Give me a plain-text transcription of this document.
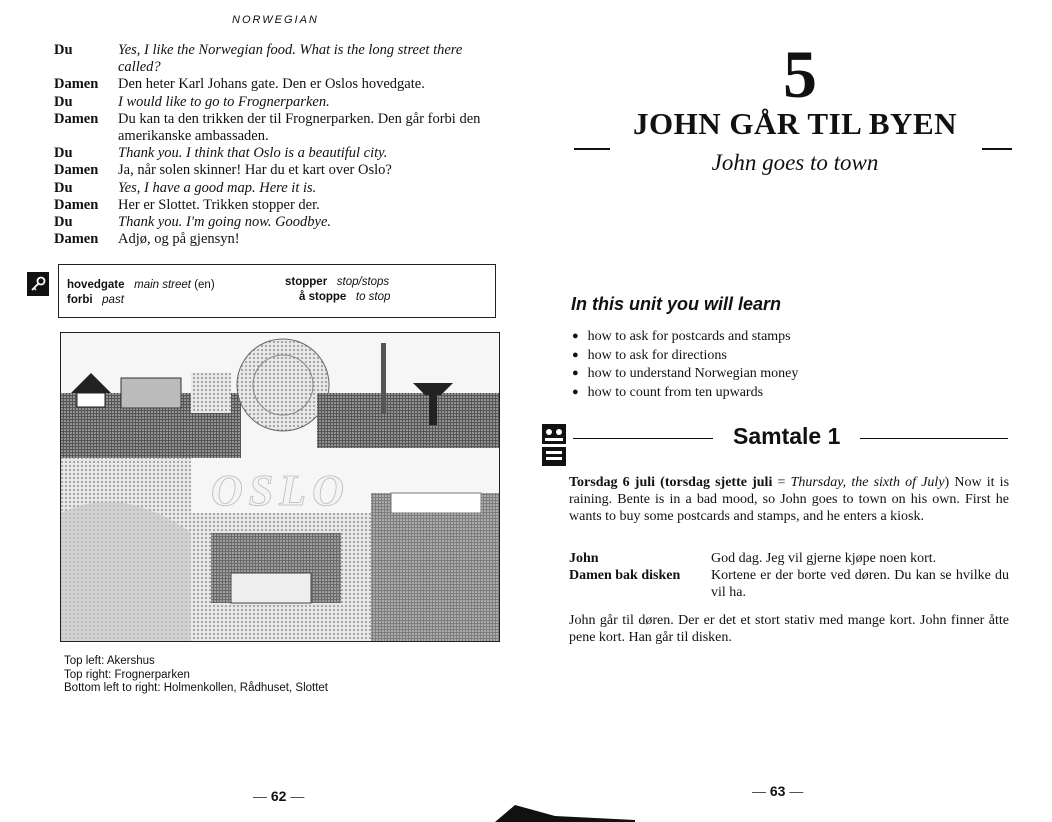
NORWEGIAN
Du	Yes, I like the Norwegian food. What is the long street there called?
Damen	Den heter Karl Johans gate. Den er Oslos hovedgate.
Du	I would like to go to Frognerparken.
Damen	Du kan ta den trikken der til Frognerparken. Den går forbi den amerikanske ambassaden.
Du	Thank you. I think that Oslo is a beautiful city.
Damen	Ja, når solen skinner! Har du et kart over Oslo?
Du	Yes, I have a good map. Here it is.
Damen	Her er Slottet. Trikken stopper der.
Du	Thank you. I'm going now. Goodbye.
Damen	Adjø, og på gjensyn!
hovedgate main street (en)
forbi past
stopper stop/stops
å stoppe to stop
OSLO
Top left: Akershus
Top right: Frognerparken
Bottom left to right: Holmenkollen, Rådhuset, Slottet
— 62 —
5
JOHN GÅR TIL BYEN
John goes to town
In this unit you will learn
● how to ask for postcards and stamps
● how to ask for directions
● how to understand Norwegian money
● how to count from ten upwards
Samtale 1
Torsdag 6 juli (torsdag sjette juli = Thursday, the sixth of July) Now it is raining. Bente is in a bad mood, so John goes to town on his own. First he wants to buy some postcards and stamps, and he enters a kiosk.
John	God dag. Jeg vil gjerne kjøpe noen kort.
Damen bak disken	Kortene er der borte ved døren. Du kan se hvilke du vil ha.
John går til døren. Der er det et stort stativ med mange kort. John finner åtte pene kort. Han går til disken.
— 63 —
